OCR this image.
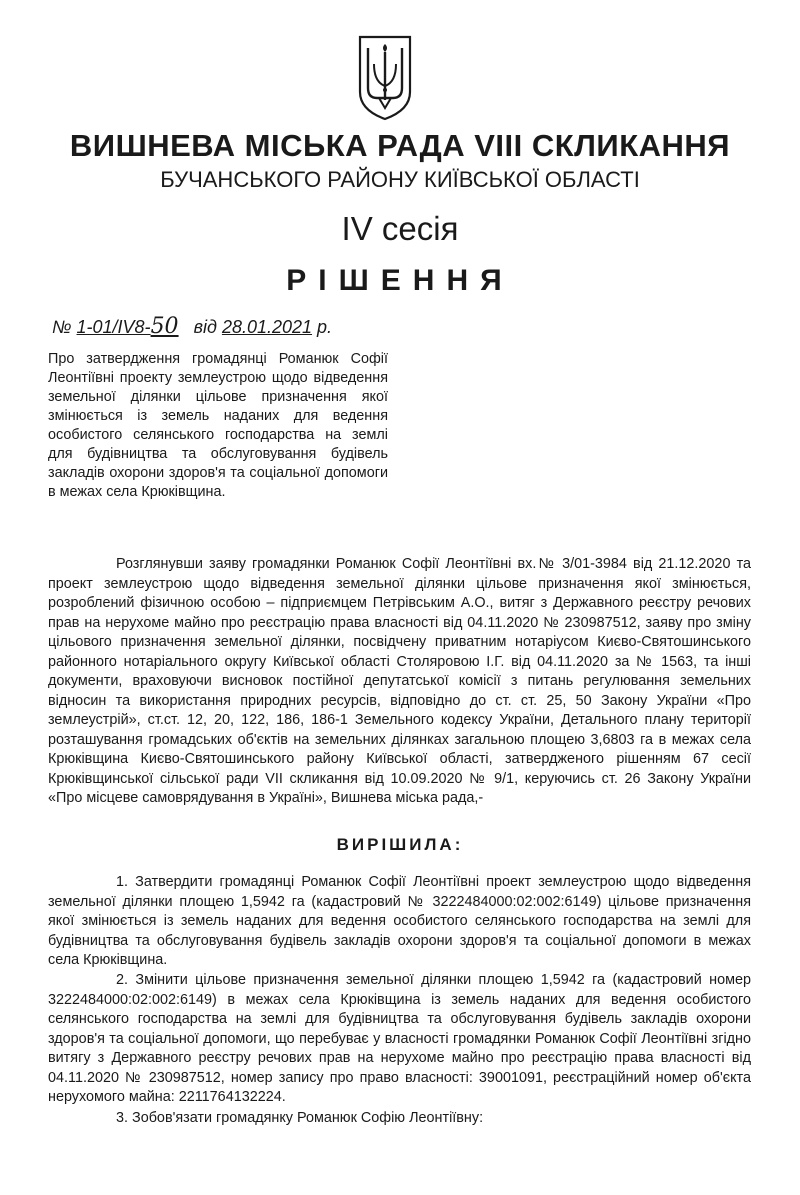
ВИШНЕВА МІСЬКА РАДА VIII СКЛИКАННЯ
БУЧАНСЬКОГО РАЙОНУ КИЇВСЬКОЇ ОБЛАСТІ
IV сесія
РІШЕННЯ
№ 1-01/IV8-50 від 28.01.2021 р.

Про затвердження громадянці Романюк Софії Леонтіївні проекту землеустрою щодо відведення земельної ділянки цільове призначення якої змінюється із земель наданих для ведення особистого селянського господарства на землі для будівництва та обслуговування будівель закладів охорони здоров'я та соціальної допомоги в межах села Крюківщина.

Розглянувши заяву громадянки Романюк Софії Леонтіївні вх.№ 3/01-3984 від 21.12.2020 та проект землеустрою щодо відведення земельної ділянки цільове призначення якої змінюється, розроблений фізичною особою – підприємцем Петрівським А.О., витяг з Державного реєстру речових прав на нерухоме майно про реєстрацію права власності від 04.11.2020 № 230987512, заяву про зміну цільового призначення земельної ділянки, посвідчену приватним нотаріусом Києво-Святошинського районного нотаріального округу Київської області Столяровою І.Г. від 04.11.2020 за № 1563, та інші документи, враховуючи висновок постійної депутатської комісії з питань регулювання земельних відносин та використання природних ресурсів, відповідно до ст. ст. 25, 50 Закону України «Про землеустрій», ст.ст. 12, 20, 122, 186, 186-1 Земельного кодексу України, Детального плану території розташування громадських об'єктів на земельних ділянках загальною площею 3,6803 га в межах села Крюківщина Києво-Святошинського району Київської області, затвердженого рішенням 67 сесії Крюківщинської сільської ради VII скликання від 10.09.2020 № 9/1, керуючись ст. 26 Закону України «Про місцеве самоврядування в Україні», Вишнева міська рада,-

ВИРІШИЛА:

1. Затвердити громадянці Романюк Софії Леонтіївні проект землеустрою щодо відведення земельної ділянки площею 1,5942 га (кадастровий № 3222484000:02:002:6149) цільове призначення якої змінюється із земель наданих для ведення особистого селянського господарства на землі для будівництва та обслуговування будівель закладів охорони здоров'я та соціальної допомоги в межах села Крюківщина.

2. Змінити цільове призначення земельної ділянки площею 1,5942 га (кадастровий номер 3222484000:02:002:6149) в межах села Крюківщина із земель наданих для ведення особистого селянського господарства на землі для будівництва та обслуговування будівель закладів охорони здоров'я та соціальної допомоги, що перебуває у власності громадянки Романюк Софії Леонтіївні згідно витягу з Державного реєстру речових прав на нерухоме майно про реєстрацію права власності від 04.11.2020 № 230987512, номер запису про право власності: 39001091, реєстраційний номер об'єкта нерухомого майна: 2211764132224.

3. Зобов'язати громадянку Романюк Софію Леонтіївну:
